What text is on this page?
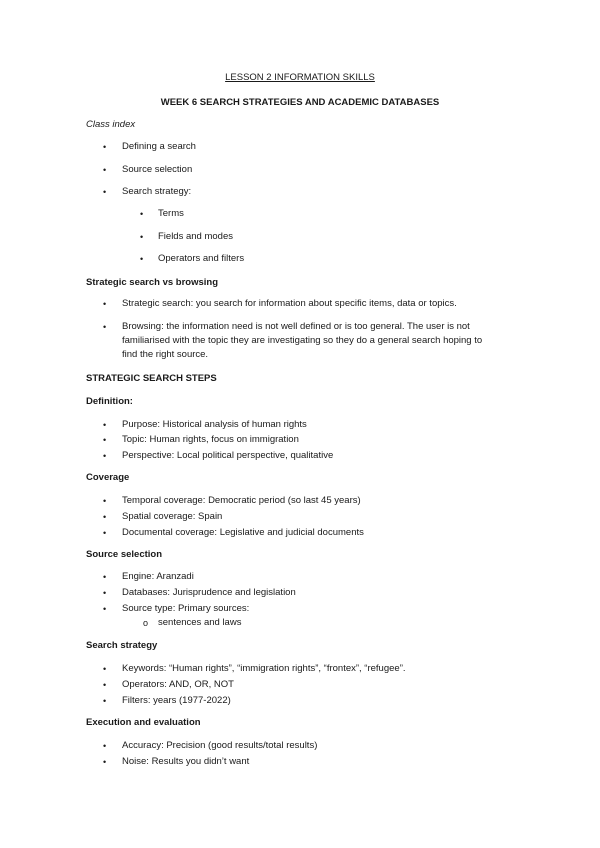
LESSON 2 INFORMATION SKILLS
WEEK 6 SEARCH STRATEGIES AND ACADEMIC DATABASES
Class index
• Defining a search
• Source selection
• Search strategy:
• Terms
• Fields and modes
• Operators and filters
Strategic search vs browsing
• Strategic search: you search for information about specific items, data or topics.
• Browsing: the information need is not well defined or is too general. The user is not
familiarised with the topic they are investigating so they do a general search hoping to
find the right source.
STRATEGIC SEARCH STEPS
Definition:
• Purpose: Historical analysis of human rights
• Topic: Human rights, focus on immigration
• Perspective: Local political perspective, qualitative
Coverage
• Temporal coverage: Democratic period (so last 45 years)
• Spatial coverage: Spain
• Documental coverage: Legislative and judicial documents
Source selection
• Engine: Aranzadi
• Databases: Jurisprudence and legislation
• Source type: Primary sources:
o sentences and laws
Search strategy
• Keywords: “Human rights”, “immigration rights”, “frontex”, “refugee”.
• Operators: AND, OR, NOT
• Filters: years (1977-2022)
Execution and evaluation
• Accuracy: Precision (good results/total results)
• Noise: Results you didn’t want
